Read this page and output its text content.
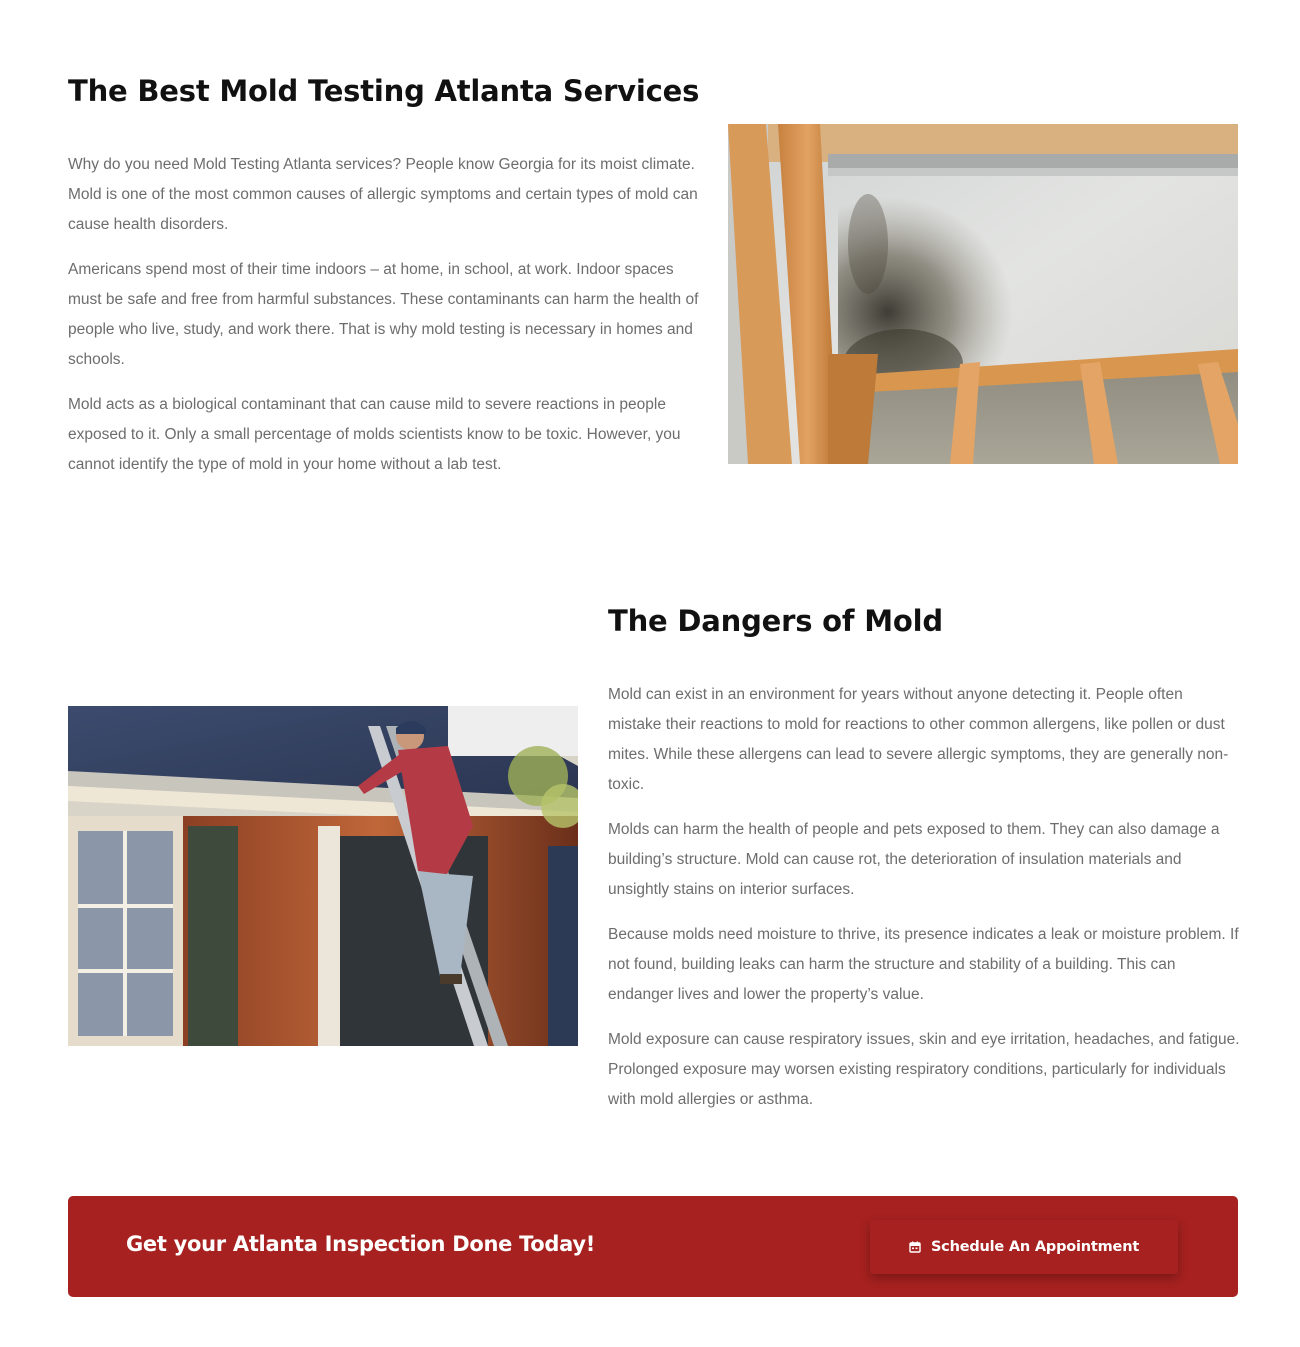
The Best Mold Testing Atlanta Services

Why do you need Mold Testing Atlanta services? People know Georgia for its moist climate. Mold is one of the most common causes of allergic symptoms and certain types of mold can cause health disorders.

Americans spend most of their time indoors – at home, in school, at work. Indoor spaces must be safe and free from harmful substances. These contaminants can harm the health of people who live, study, and work there. That is why mold testing is necessary in homes and schools.

Mold acts as a biological contaminant that can cause mild to severe reactions in people exposed to it. Only a small percentage of molds scientists know to be toxic. However, you cannot identify the type of mold in your home without a lab test.

The Dangers of Mold

Mold can exist in an environment for years without anyone detecting it. People often mistake their reactions to mold for reactions to other common allergens, like pollen or dust mites. While these allergens can lead to severe allergic symptoms, they are generally non-toxic.

Molds can harm the health of people and pets exposed to them. They can also damage a building’s structure. Mold can cause rot, the deterioration of insulation materials and unsightly stains on interior surfaces.

Because molds need moisture to thrive, its presence indicates a leak or moisture problem. If not found, building leaks can harm the structure and stability of a building. This can endanger lives and lower the property’s value.

Mold exposure can cause respiratory issues, skin and eye irritation, headaches, and fatigue. Prolonged exposure may worsen existing respiratory conditions, particularly for individuals with mold allergies or asthma.

Get your Atlanta Inspection Done Today!	Schedule An Appointment
